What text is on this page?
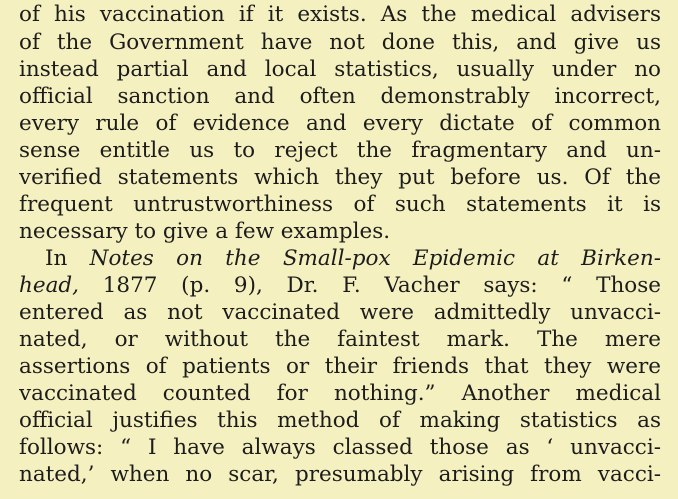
of his vaccination if it exists. As the medical advisers
of the Government have not done this, and give us
instead partial and local statistics, usually under no
official sanction and often demonstrably incorrect,
every rule of evidence and every dictate of common
sense entitle us to reject the fragmentary and un-
verified statements which they put before us. Of the
frequent untrustworthiness of such statements it is
necessary to give a few examples.
In Notes on the Small-pox Epidemic at Birken-
head, 1877 (p. 9), Dr. F. Vacher says: “ Those
entered as not vaccinated were admittedly unvacci-
nated, or without the faintest mark. The mere
assertions of patients or their friends that they were
vaccinated counted for nothing.” Another medical
official justifies this method of making statistics as
follows: “ I have always classed those as ‘ unvacci-
nated,’ when no scar, presumably arising from vacci-
